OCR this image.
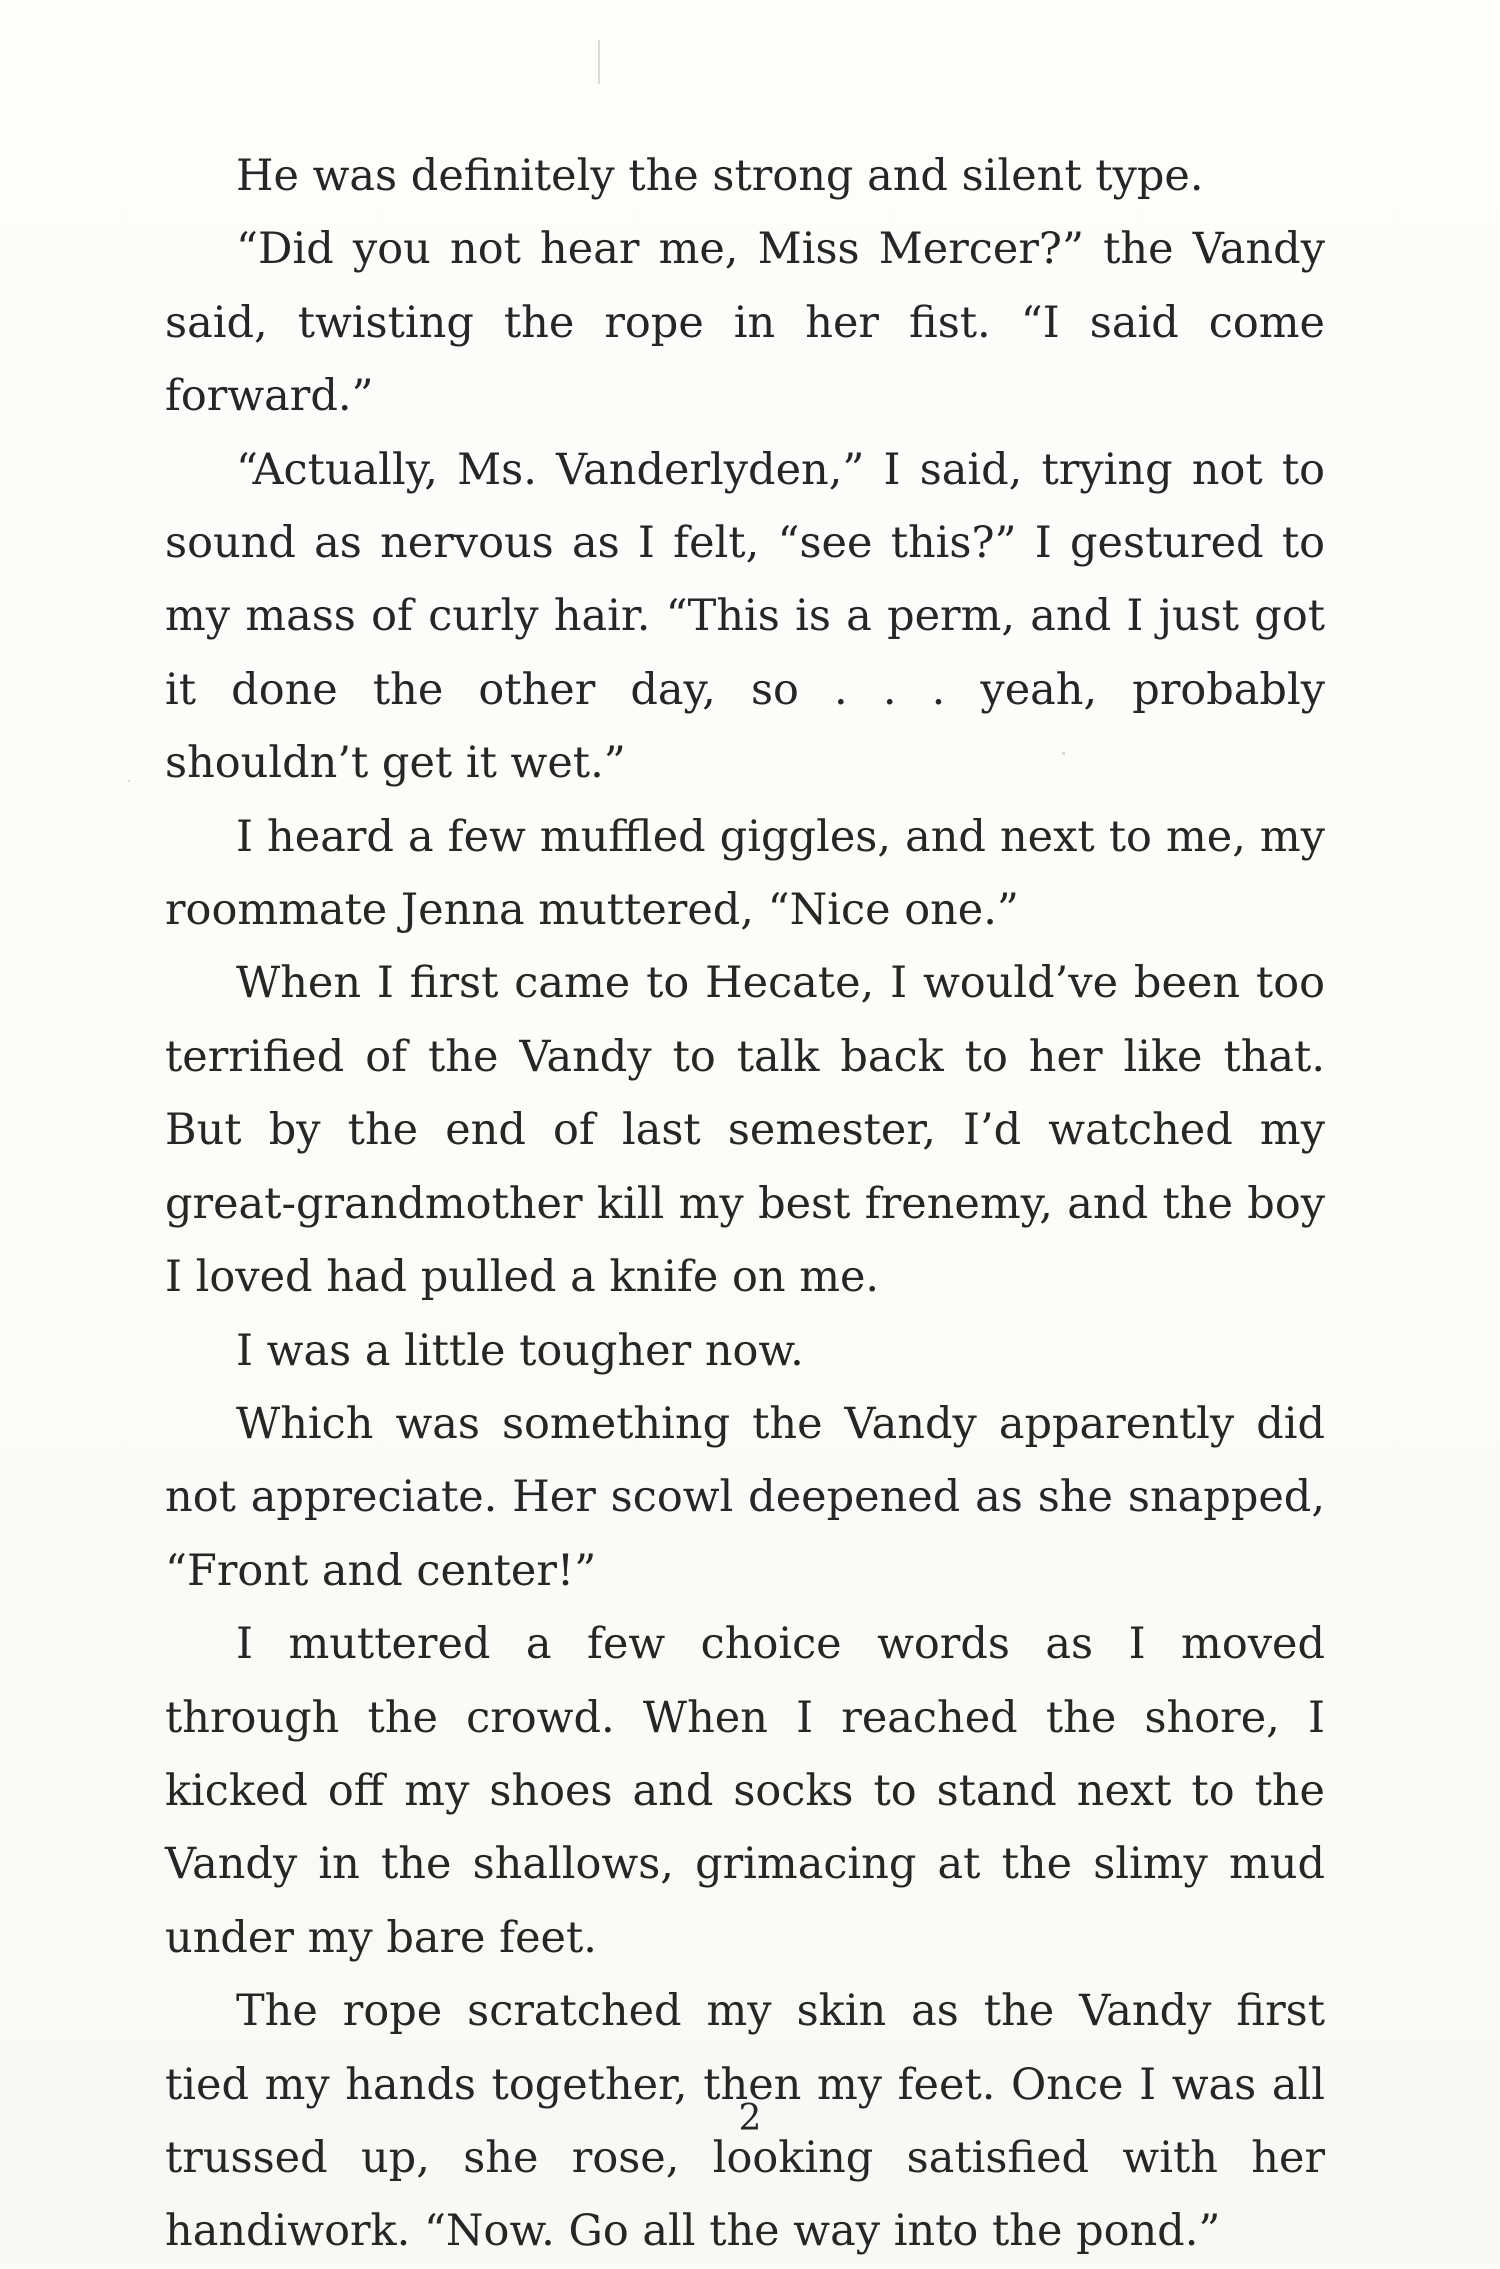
He was definitely the strong and silent type.

“Did you not hear me, Miss Mercer?” the Vandy said, twisting the rope in her fist. “I said come forward.”

“Actually, Ms. Vanderlyden,” I said, trying not to sound as nervous as I felt, “see this?” I gestured to my mass of curly hair. “This is a perm, and I just got it done the other day, so . . . yeah, probably shouldn’t get it wet.”

I heard a few muffled giggles, and next to me, my roommate Jenna muttered, “Nice one.”

When I first came to Hecate, I would’ve been too terrified of the Vandy to talk back to her like that. But by the end of last semester, I’d watched my great-grandmother kill my best frenemy, and the boy I loved had pulled a knife on me.

I was a little tougher now.

Which was something the Vandy apparently did not appreciate. Her scowl deepened as she snapped, “Front and center!”

I muttered a few choice words as I moved through the crowd. When I reached the shore, I kicked off my shoes and socks to stand next to the Vandy in the shallows, grimacing at the slimy mud under my bare feet.

The rope scratched my skin as the Vandy first tied my hands together, then my feet. Once I was all trussed up, she rose, looking satisfied with her handiwork. “Now. Go all the way into the pond.”

2
